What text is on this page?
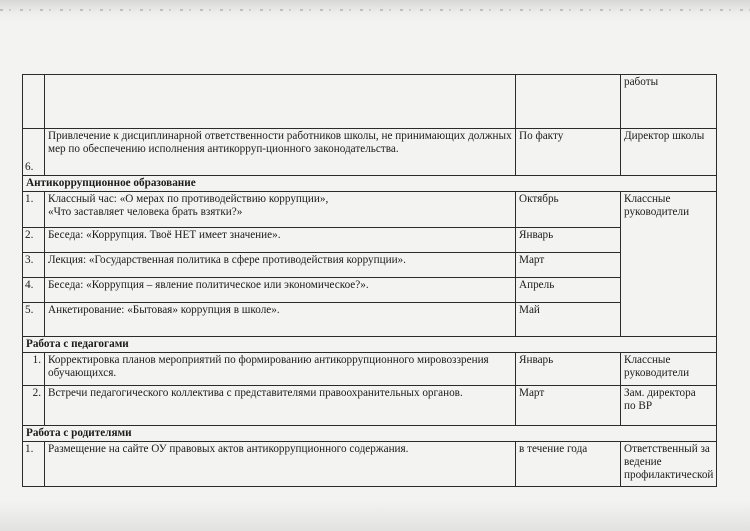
			работы
6.	Привлечение к дисциплинарной ответственности работников школы, не принимающих должных мер по обеспечению исполнения антикорруп-ционного законодательства.	По факту	Директор школы
Антикоррупционное образование			
1.	Классный час: «О мерах по противодействию коррупции»,
«Что заставляет человека брать взятки?»	Октябрь	Классные руководители
2.	Беседа: «Коррупция. Твоё НЕТ имеет значение».	Январь	
3.	Лекция: «Государственная политика в сфере противодействия коррупции».	Март	
4.	Беседа: «Коррупция – явление политическое или экономическое?».	Апрель	
5.	Анкетирование: «Бытовая» коррупция в школе».	Май	
Работа с педагогами			
1.	Корректировка планов мероприятий по формированию антикоррупционного мировоззрения обучающихся.	Январь	Классные руководители
2.	Встречи педагогического коллектива с представителями правоохранительных органов.	Март	Зам. директора
по ВР

Работа с родителями			
1.	Размещение на сайте ОУ правовых актов антикоррупционного содержания.	в течение года	Ответственный за ведение профилактической
